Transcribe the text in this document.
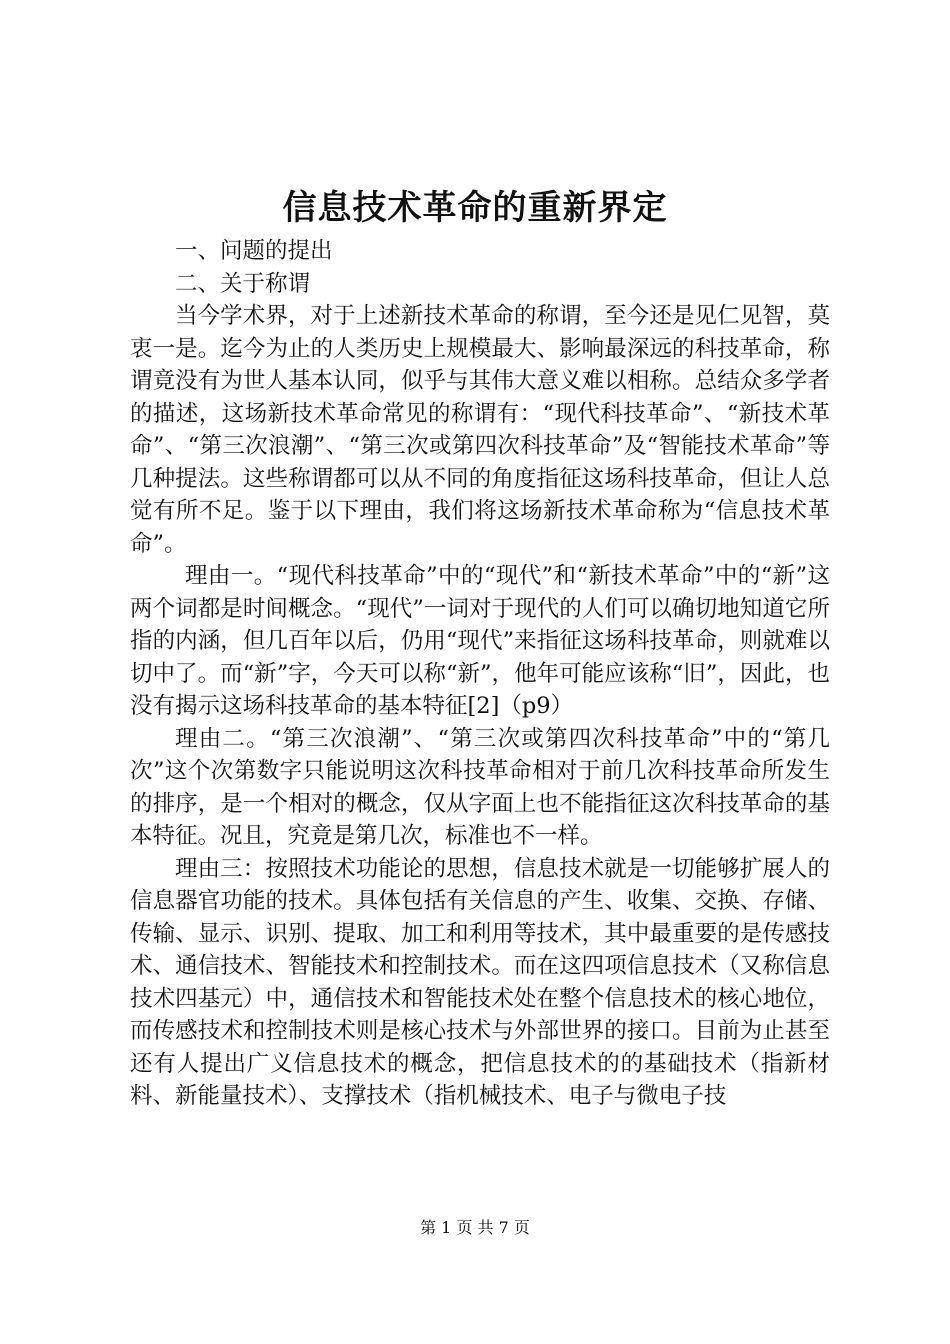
信息技术革命的重新界定

一、问题的提出

二、关于称谓

当今学术界，对于上述新技术革命的称谓，至今还是见仁见智，莫衷一是。迄今为止的人类历史上规模最大、影响最深远的科技革命，称谓竟没有为世人基本认同，似乎与其伟大意义难以相称。总结众多学者的描述，这场新技术革命常见的称谓有：“现代科技革命”、“新技术革命”、“第三次浪潮”、“第三次或第四次科技革命”及“智能技术革命”等几种提法。这些称谓都可以从不同的角度指征这场科技革命，但让人总觉有所不足。鉴于以下理由，我们将这场新技术革命称为“信息技术革命”。

理由一。“现代科技革命”中的“现代”和“新技术革命”中的“新”这两个词都是时间概念。“现代”一词对于现代的人们可以确切地知道它所指的内涵，但几百年以后，仍用“现代”来指征这场科技革命，则就难以切中了。而“新”字，今天可以称“新”，他年可能应该称“旧”，因此，也没有揭示这场科技革命的基本特征[2]（p9）

理由二。“第三次浪潮”、“第三次或第四次科技革命”中的“第几次”这个次第数字只能说明这次科技革命相对于前几次科技革命所发生的排序，是一个相对的概念，仅从字面上也不能指征这次科技革命的基本特征。况且，究竟是第几次，标准也不一样。

理由三：按照技术功能论的思想，信息技术就是一切能够扩展人的信息器官功能的技术。具体包括有关信息的产生、收集、交换、存储、传输、显示、识别、提取、加工和利用等技术，其中最重要的是传感技术、通信技术、智能技术和控制技术。而在这四项信息技术（又称信息技术四基元）中，通信技术和智能技术处在整个信息技术的核心地位，而传感技术和控制技术则是核心技术与外部世界的接口。目前为止甚至还有人提出广义信息技术的概念，把信息技术的的基础技术（指新材料、新能量技术）、支撑技术（指机械技术、电子与微电子技

第 1 页 共 7 页
